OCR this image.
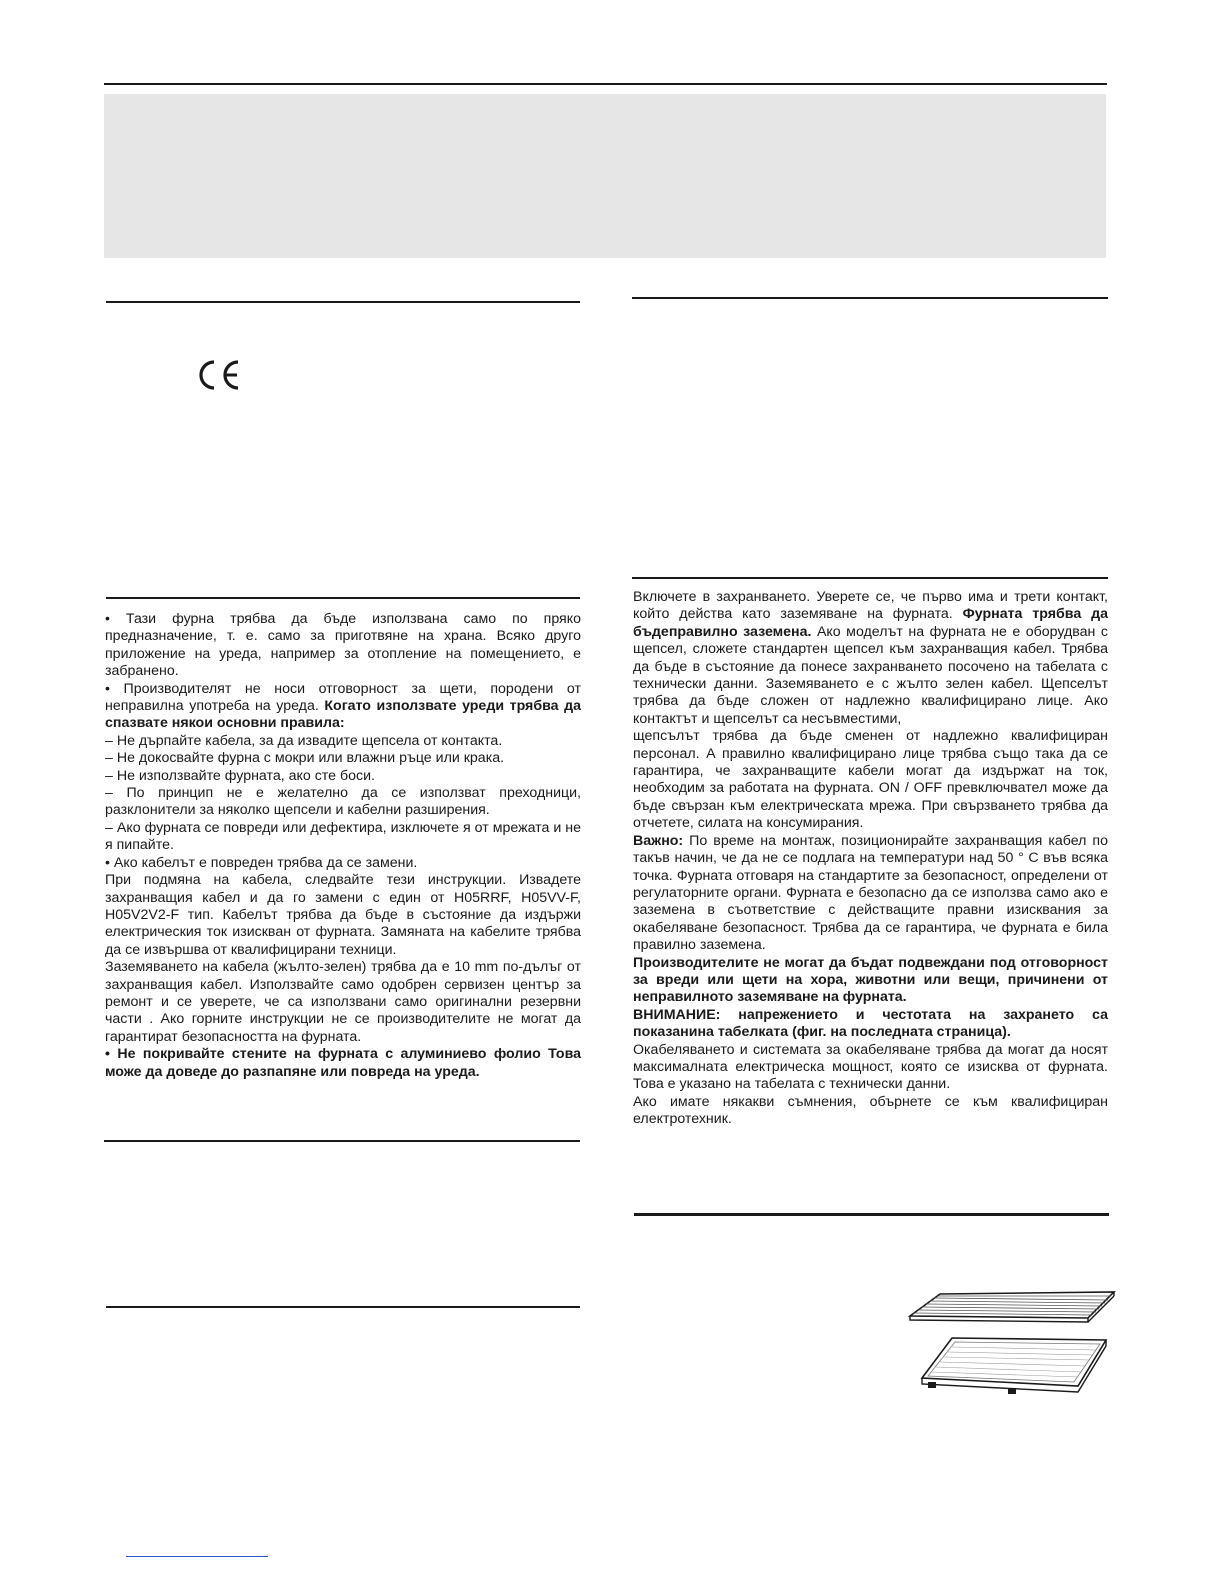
• Тази фурна трябва да бъде използвана само по пряко предназначение, т. е. само за приготвяне на храна. Всяко друго приложение на уреда, например за отопление на помещението, е забранено.

• Производителят не носи отговорност за щети, породени от неправилна употреба на уреда. Когато използвате уреди трябва да спазвате някои основни правила:

– Не дърпайте кабела, за да извадите щепсела от контакта.

– Не докосвайте фурна с мокри или влажни ръце или крака.

– Не използвайте фурната, ако сте боси.

– По принцип не е желателно да се използват преходници, разклонители за няколко щепсели и кабелни разширения.

– Ако фурната се повреди или дефектира, изключете я от мрежата и не я пипайте.

• Ако кабелът е повреден трябва да се замени.

При подмяна на кабела, следвайте тези инструкции. Извадете захранващия кабел и да го замени с един от H05RRF, H05VV-F, H05V2V2-F тип. Кабелът трябва да бъде в състояние да издържи електрическия ток изискван от фурната. Замяната на кабелите трябва да се извършва от квалифицирани техници.

Заземяването на кабела (жълто-зелен) трябва да е 10 mm по-дълъг от захранващия кабел. Използвайте само одобрен сервизен център за ремонт и се уверете, че са използвани само оригинални резервни части . Ако горните инструкции не се производителите не могат да гарантират безопасността на фурната.

• Не покривайте стените на фурната с алуминиево фолио Това може да доведе до разпапяне или повреда на уреда.

Включете в захранването. Уверете се, че първо има и трети контакт, който действа като заземяване на фурната. Фурната трябва да бъдеправилно заземена. Ако моделът на фурната не е оборудван с щепсел, сложете стандартен щепсел към захранващия кабел. Трябва да бъде в състояние да понесе захранването посочено на табелата с технически данни. Заземяването е с жълто зелен кабел. Щепселът трябва да бъде сложен от надлежно квалифицирано лице. Ако контактът и щепселът са несъвместими,

щепсълът трябва да бъде сменен от надлежно квалифициран персонал. А правилно квалифицирано лице трябва също така да се гарантира, че захранващите кабели могат да издържат на ток, необходим за работата на фурната. ON / OFF превключвател може да бъде свързан към електрическата мрежа. При свързването трябва да отчетете, силата на консумирания.

Важно: По време на монтаж, позиционирайте захранващия кабел по такъв начин, че да не се подлага на температури над 50 ° С във всяка точка. Фурната отговаря на стандартите за безопасност, определени от регулаторните органи. Фурната е безопасно да се използва само ако е заземена в съответствие с действащите правни изисквания за окабеляване безопасност. Трябва да се гарантира, че фурната е била правилно заземена.

Производителите не могат да бъдат подвеждани под отговорност за вреди или щети на хора, животни или вещи, причинени от неправилното заземяване на фурната.

ВНИМАНИЕ: напрежението и честотата на захрането са показанина табелката (фиг. на последната страница).

Окабеляването и системата за окабеляване трябва да могат да носят максималната електрическа мощност, която се изисква от фурната. Това е указано на табелата с технически данни.

Ако имате някакви съмнения, обърнете се към квалифициран електротехник.
